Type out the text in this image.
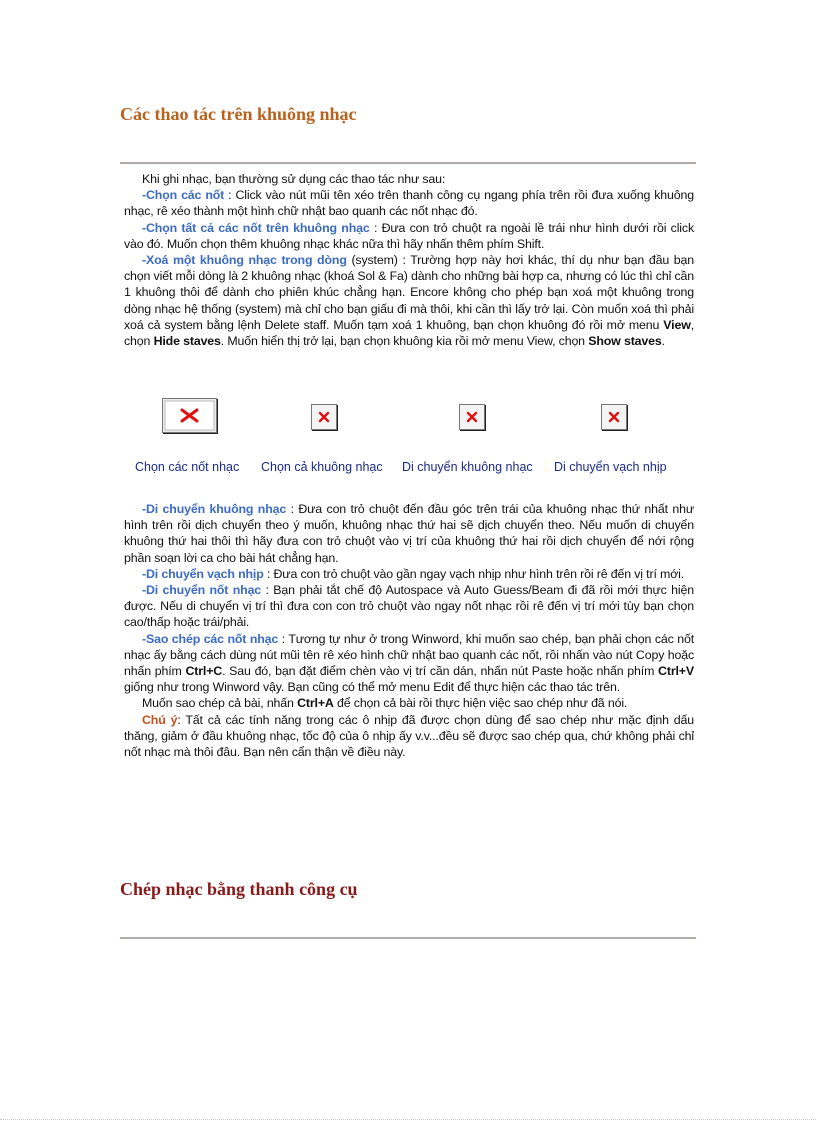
Các thao tác trên khuông nhạc

Khi ghi nhạc, bạn thường sử dụng các thao tác như sau:

-Chọn các nốt : Click vào nút mũi tên xéo trên thanh công cụ ngang phía trên rồi đưa xuống khuông nhạc, rê xéo thành một hình chữ nhật bao quanh các nốt nhạc đó.

-Chọn tất cả các nốt trên khuông nhạc : Đưa con trỏ chuột ra ngoài lề trái như hình dưới rồi click vào đó. Muốn chọn thêm khuông nhạc khác nữa thì hãy nhấn thêm phím Shift.

-Xoá một khuông nhạc trong dòng (system) : Trường hợp này hơi khác, thí dụ như bạn đầu bạn chọn viết mỗi dòng là 2 khuông nhạc (khoá Sol & Fa) dành cho những bài hợp ca, nhưng có lúc thì chỉ cần 1 khuông thôi để dành cho phiên khúc chẳng hạn. Encore không cho phép bạn xoá một khuông trong dòng nhạc hệ thống (system) mà chỉ cho bạn giấu đi mà thôi, khi cần thì lấy trở lại. Còn muốn xoá thì phải xoá cả system bằng lệnh Delete staff. Muốn tạm xoá 1 khuông, bạn chọn khuông đó rồi mở menu View, chọn Hide staves. Muốn hiển thị trở lại, bạn chọn khuông kia rồi mở menu View, chọn Show staves.

Chọn các nốt nhạc Chọn cả khuông nhạc Di chuyển khuông nhạc Di chuyển vạch nhịp

-Di chuyển khuông nhạc : Đưa con trỏ chuột đến đầu góc trên trái của khuông nhạc thứ nhất như hình trên rồi dịch chuyển theo ý muốn, khuông nhạc thứ hai sẽ dịch chuyển theo. Nếu muốn di chuyển khuông thứ hai thôi thì hãy đưa con trỏ chuột vào vị trí của khuông thứ hai rồi dịch chuyển để nới rộng phần soạn lời ca cho bài hát chẳng hạn.

-Di chuyển vạch nhịp : Đưa con trỏ chuột vào gần ngay vạch nhịp như hình trên rồi rê đến vị trí mới.

-Di chuyển nốt nhạc : Bạn phải tắt chế độ Autospace và Auto Guess/Beam đi đã rồi mới thực hiện được. Nếu di chuyển vị trí thì đưa con con trỏ chuột vào ngay nốt nhạc rồi rê đến vị trí mới tùy bạn chọn cao/thấp hoặc trái/phải.

-Sao chép các nốt nhạc : Tương tự như ở trong Winword, khi muốn sao chép, bạn phải chọn các nốt nhạc ấy bằng cách dùng nút mũi tên rê xéo hình chữ nhật bao quanh các nốt, rồi nhấn vào nút Copy hoặc nhấn phím Ctrl+C. Sau đó, bạn đặt điểm chèn vào vị trí cần dán, nhấn nút Paste hoặc nhấn phím Ctrl+V giống như trong Winword vậy. Bạn cũng có thể mở menu Edit để thực hiện các thao tác trên.

Muốn sao chép cả bài, nhấn Ctrl+A để chọn cả bài rồi thực hiện việc sao chép như đã nói.

Chú ý: Tất cả các tính năng trong các ô nhịp đã được chọn dùng để sao chép như mặc định dấu thăng, giảm ở đầu khuông nhạc, tốc độ của ô nhịp ấy v.v...đều sẽ được sao chép qua, chứ không phải chỉ nốt nhạc mà thôi đâu. Bạn nên cẩn thận về điều này.

Chép nhạc bằng thanh công cụ
